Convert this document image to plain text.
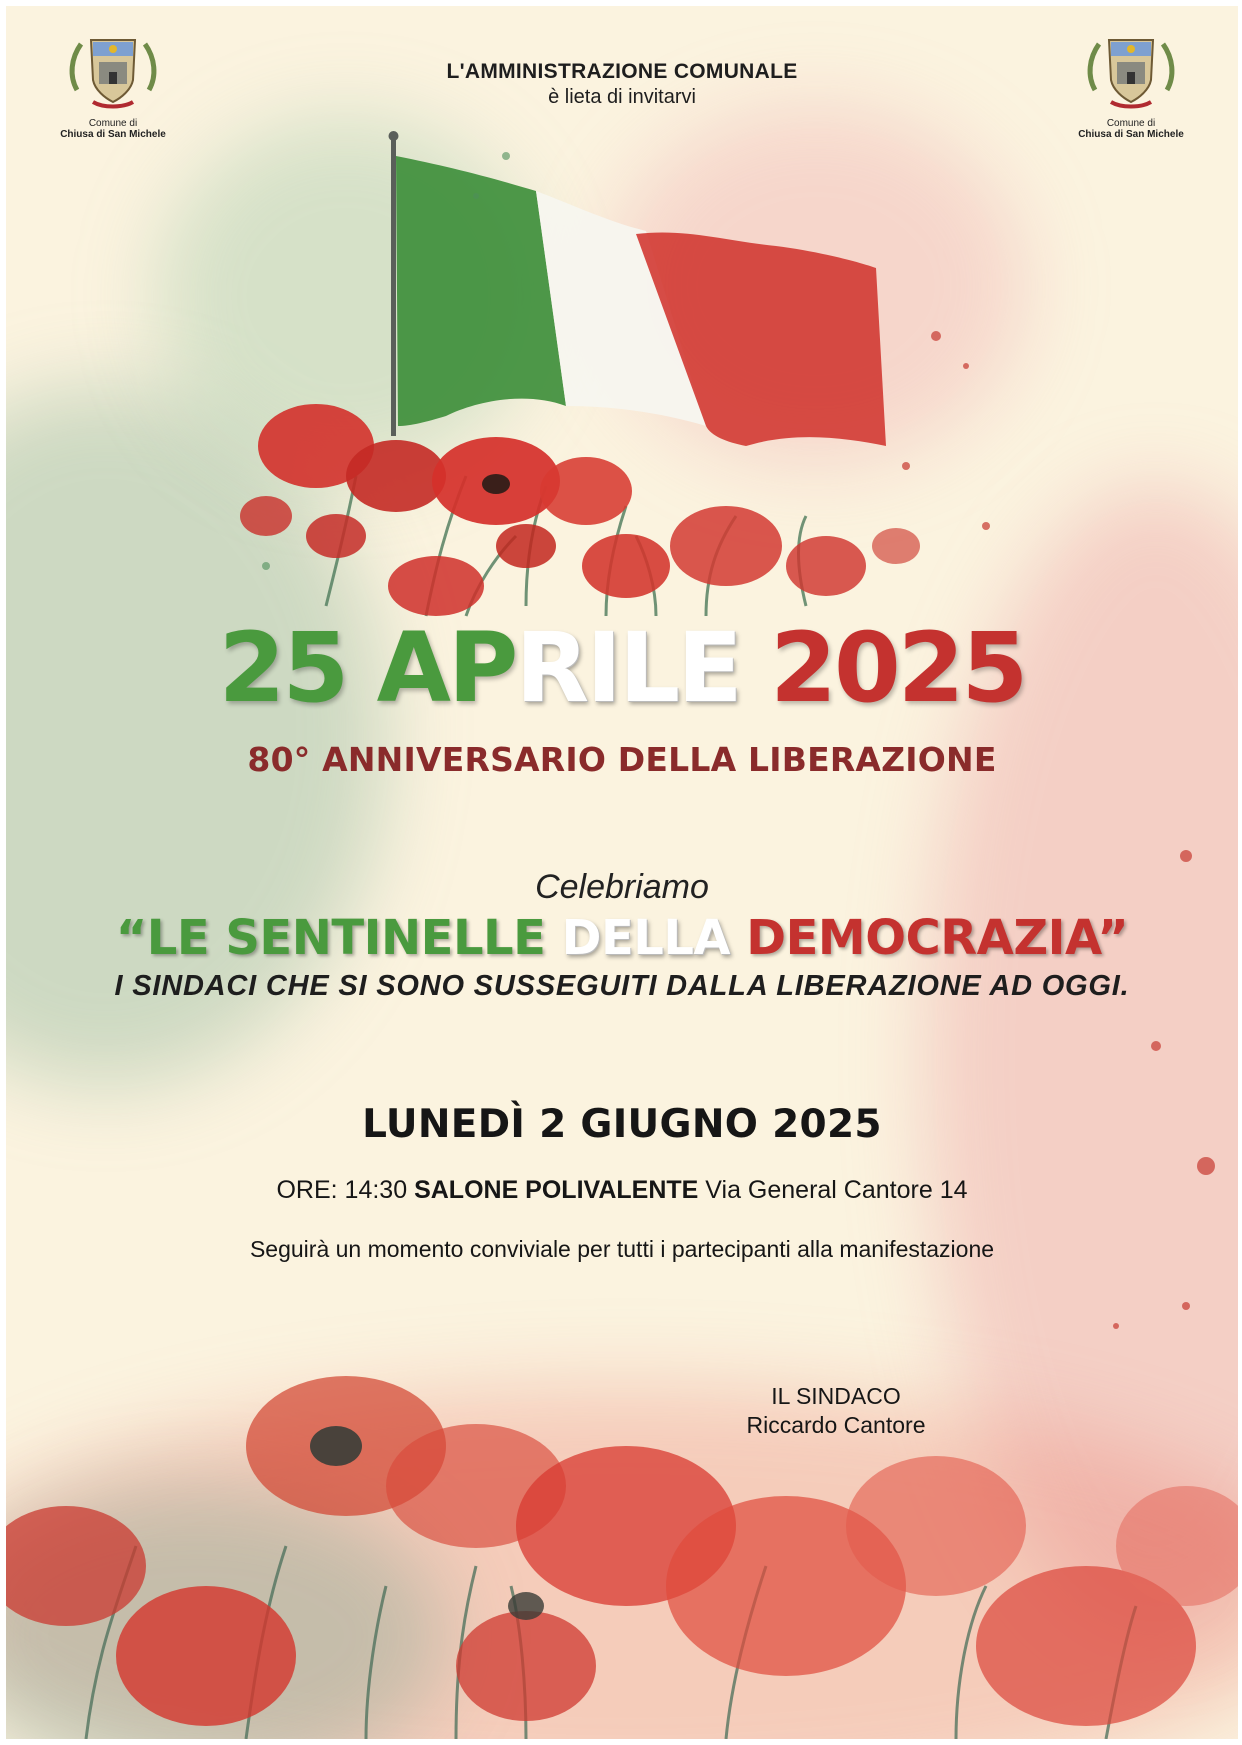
Comune di
Chiusa di San Michele
Comune di
Chiusa di San Michele
L'AMMINISTRAZIONE COMUNALE
è lieta di invitarvi
25 APRILE 2025
80° ANNIVERSARIO DELLA LIBERAZIONE
Celebriamo
“LE SENTINELLE DELLA DEMOCRAZIA”
I SINDACI CHE SI SONO SUSSEGUITI DALLA LIBERAZIONE AD OGGI.
LUNEDÌ 2 GIUGNO 2025
ORE: 14:30 SALONE POLIVALENTE Via General Cantore 14
Seguirà un momento conviviale per tutti i partecipanti alla manifestazione
IL SINDACO
Riccardo Cantore
